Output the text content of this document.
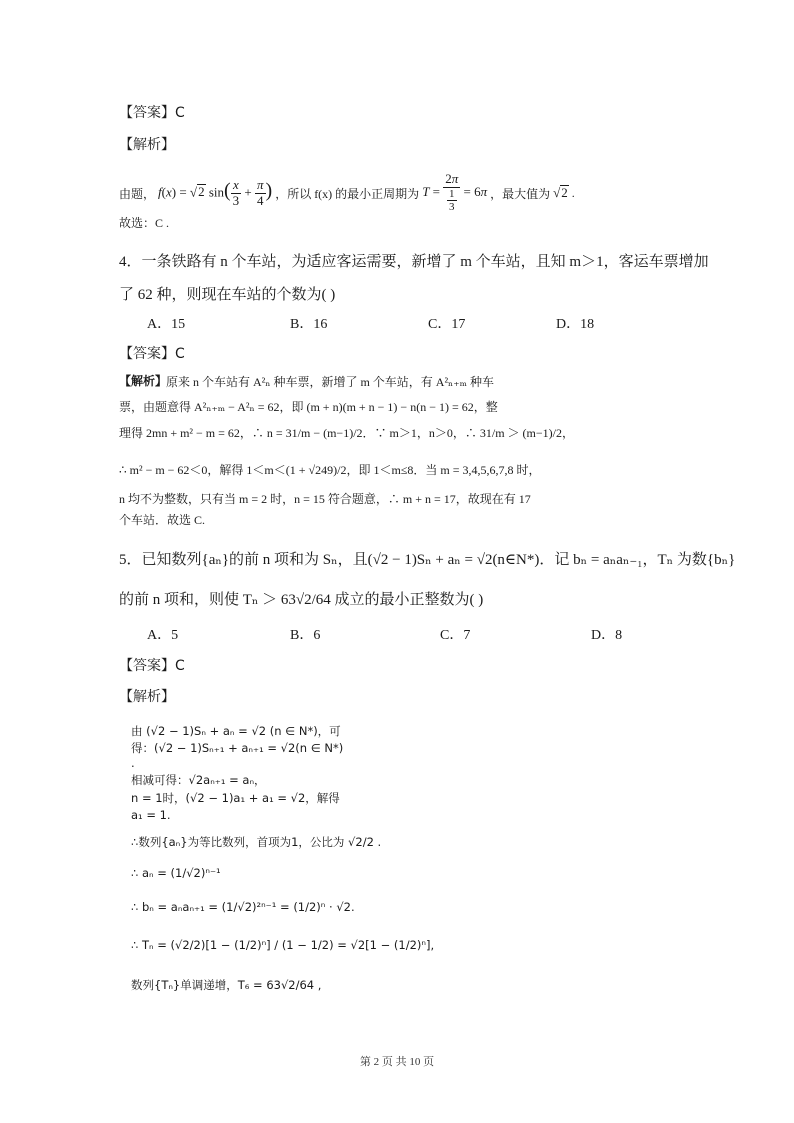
【答案】C
【解析】
由题， f(x) = √2 $\sin( \frac{x}{3} + \frac{\pi}{4}$ ) ，所以 f(x) 的最小正周期为 $T = \frac{2\pi}{\frac{1}{3}} = 6\pi$ ，最大值为 √2 .
故选：C .
4．一条铁路有 n 个车站，为适应客运需要，新增了 m 个车站，且知 m＞1，客运车票增加
了 62 种，则现在车站的个数为( )
A．15	B．16	C．17	D．18
【答案】C
【解析】
原来 n 个车站有 A²ₙ 种车票，新增了 m 个车站，有 A²ₙ₊ₘ 种车
票，由题意得 A²ₙ₊ₘ − A²ₙ = 62，即 (m + n)(m + n − 1) − n(n − 1) = 62，整
理得 2mn + m² − m = 62，∴ n = 31/m − (m−1)/2．∵ m＞1，n＞0，∴ 31/m ＞ (m−1)/2，
∴ m² − m − 62＜0，解得 1＜m＜(1 + √249)/2，即 1＜m≤8．当 m = 3,4,5,6,7,8 时，
n 均不为整数，只有当 m = 2 时，n = 15 符合题意，∴ m + n = 17，故现在有 17
个车站．故选 C.
5．已知数列{aₙ}的前 n 项和为 Sₙ，且(√2 − 1)Sₙ + aₙ = √2(n∈N*)．记 bₙ = aₙaₙ₋₁，Tₙ 为数{bₙ}
的前 n 项和，则使 Tₙ ＞ 63√2/64 成立的最小正整数为( )
A．5	B．6	C．7	D．8
【答案】C
【解析】
由 (√2 − 1)Sₙ + aₙ = √2 (n ∈ N*)，可
得：(√2 − 1)Sₙ₊₁ + aₙ₊₁ = √2(n ∈ N*)
.
相减可得：√2aₙ₊₁ = aₙ，
n = 1时，(√2 − 1)a₁ + a₁ = √2，解得
a₁ = 1.
∴数列{aₙ}为等比数列，首项为1，公比为 √2/2 .
∴ aₙ = (1/√2)ⁿ⁻¹
∴ bₙ = aₙaₙ₊₁ = (1/√2)²ⁿ⁻¹ = (1/2)ⁿ · √2.
∴ Tₙ = (√2/2)[1 − (1/2)ⁿ] / (1 − 1/2) = √2[1 − (1/2)ⁿ],
数列{Tₙ}单调递增，T₆ = 63√2/64 ,
第 2 页 共 10 页
